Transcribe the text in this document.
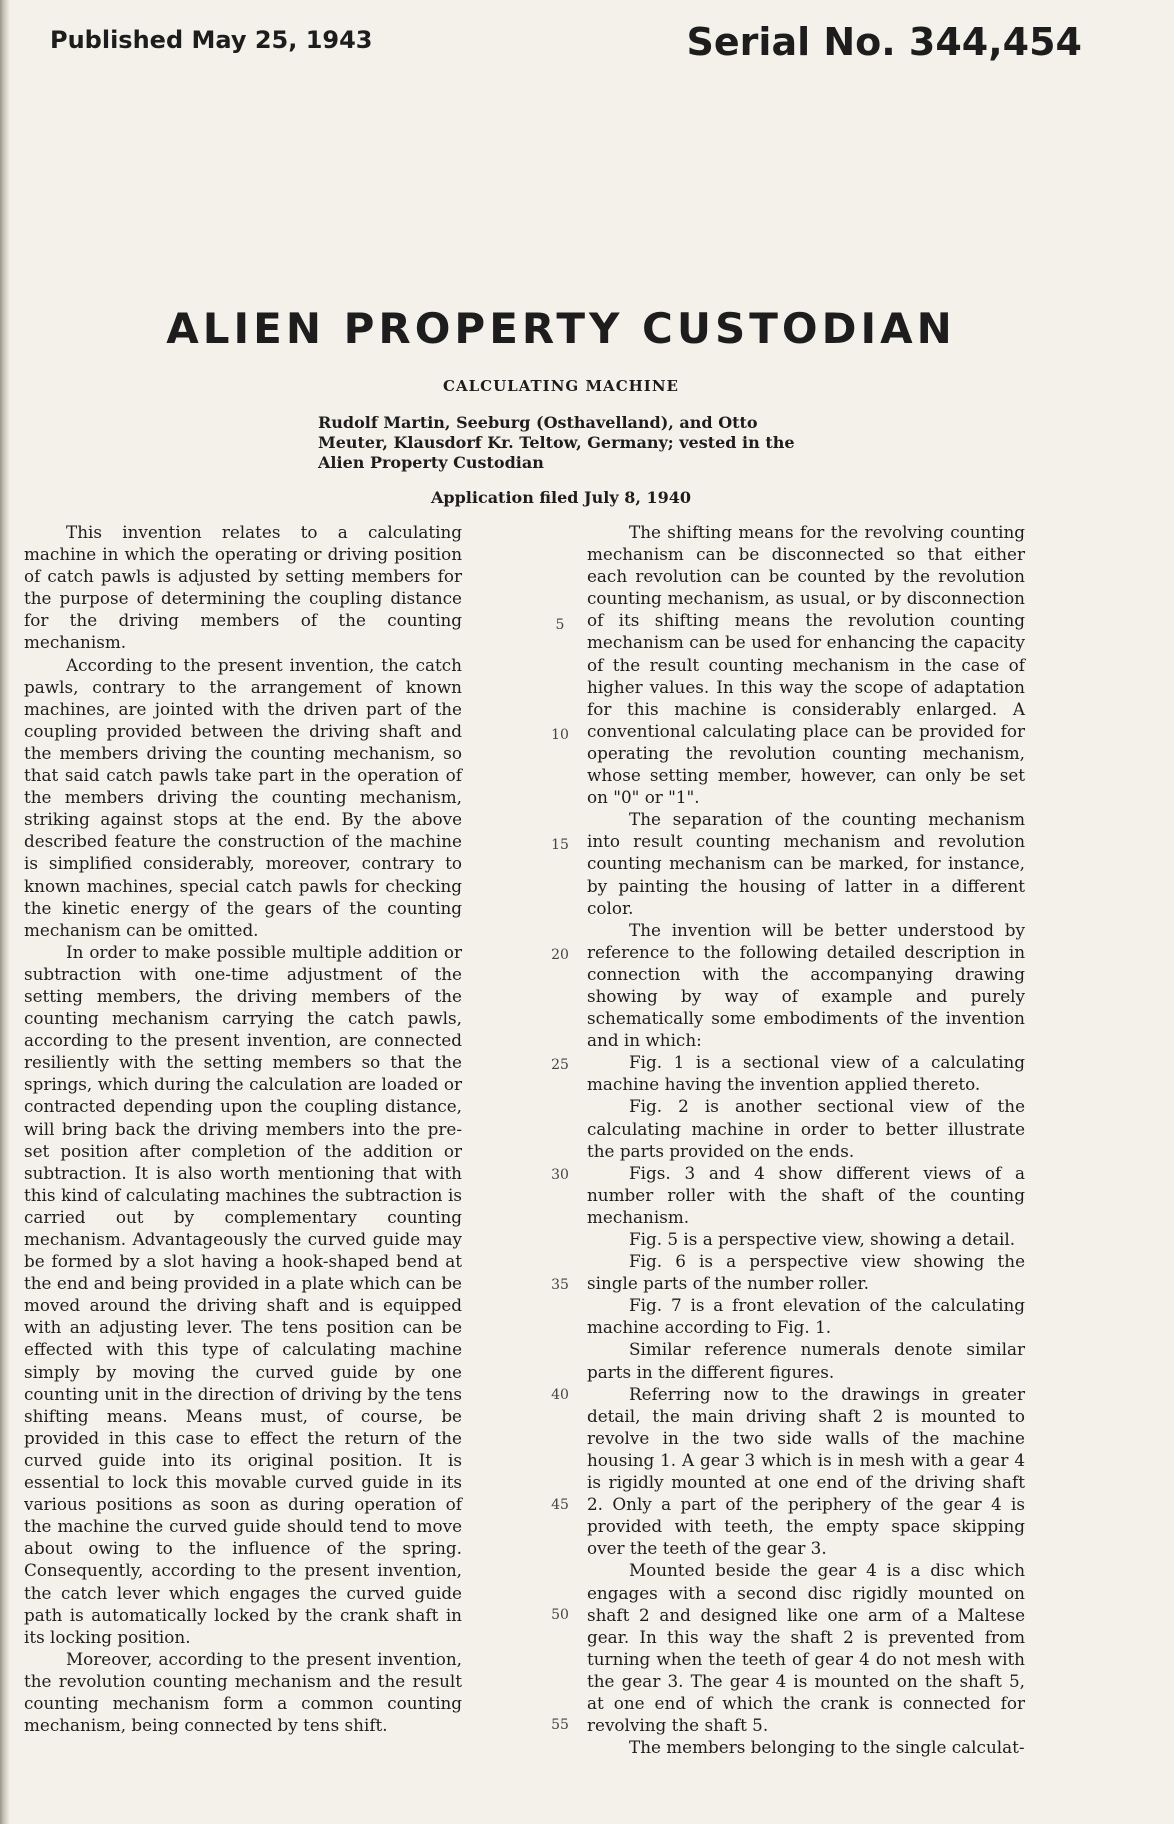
Published May 25, 1943	Serial No. 344,454
ALIEN PROPERTY CUSTODIAN
CALCULATING MACHINE
Rudolf Martin, Seeburg (Osthavelland), and Otto Meuter, Klausdorf Kr. Teltow, Germany; vested in the Alien Property Custodian
Application filed July 8, 1940

This invention relates to a calculating machine in which the operating or driving position of catch pawls is adjusted by setting members for the purpose of determining the coupling distance for the driving members of the counting mechanism.

According to the present invention, the catch pawls, contrary to the arrangement of known machines, are jointed with the driven part of the coupling provided between the driving shaft and the members driving the counting mechanism, so that said catch pawls take part in the operation of the members driving the counting mechanism, striking against stops at the end. By the above described feature the construction of the machine is simplified considerably, moreover, contrary to known machines, special catch pawls for checking the kinetic energy of the gears of the counting mechanism can be omitted.

In order to make possible multiple addition or subtraction with one-time adjustment of the setting members, the driving members of the counting mechanism carrying the catch pawls, according to the present invention, are connected resiliently with the setting members so that the springs, which during the calculation are loaded or contracted depending upon the coupling distance, will bring back the driving members into the pre-set position after completion of the addition or subtraction. It is also worth mentioning that with this kind of calculating machines the subtraction is carried out by complementary counting mechanism. Advantageously the curved guide may be formed by a slot having a hook-shaped bend at the end and being provided in a plate which can be moved around the driving shaft and is equipped with an adjusting lever. The tens position can be effected with this type of calculating machine simply by moving the curved guide by one counting unit in the direction of driving by the tens shifting means. Means must, of course, be provided in this case to effect the return of the curved guide into its original position. It is essential to lock this movable curved guide in its various positions as soon as during operation of the machine the curved guide should tend to move about owing to the influence of the spring. Consequently, according to the present invention, the catch lever which engages the curved guide path is automatically locked by the crank shaft in its locking position.

Moreover, according to the present invention, the revolution counting mechanism and the result counting mechanism form a common counting mechanism, being connected by tens shift.

The shifting means for the revolving counting mechanism can be disconnected so that either each revolution can be counted by the revolution counting mechanism, as usual, or by disconnection of its shifting means the revolution counting mechanism can be used for enhancing the capacity of the result counting mechanism in the case of higher values. In this way the scope of adaptation for this machine is considerably enlarged. A conventional calculating place can be provided for operating the revolution counting mechanism, whose setting member, however, can only be set on "0" or "1".

The separation of the counting mechanism into result counting mechanism and revolution counting mechanism can be marked, for instance, by painting the housing of latter in a different color.

The invention will be better understood by reference to the following detailed description in connection with the accompanying drawing showing by way of example and purely schematically some embodiments of the invention and in which:

Fig. 1 is a sectional view of a calculating machine having the invention applied thereto.

Fig. 2 is another sectional view of the calculating machine in order to better illustrate the parts provided on the ends.

Figs. 3 and 4 show different views of a number roller with the shaft of the counting mechanism.

Fig. 5 is a perspective view, showing a detail.

Fig. 6 is a perspective view showing the single parts of the number roller.

Fig. 7 is a front elevation of the calculating machine according to Fig. 1.

Similar reference numerals denote similar parts in the different figures.

Referring now to the drawings in greater detail, the main driving shaft 2 is mounted to revolve in the two side walls of the machine housing 1. A gear 3 which is in mesh with a gear 4 is rigidly mounted at one end of the driving shaft 2. Only a part of the periphery of the gear 4 is provided with teeth, the empty space skipping over the teeth of the gear 3.

Mounted beside the gear 4 is a disc which engages with a second disc rigidly mounted on shaft 2 and designed like one arm of a Maltese gear. In this way the shaft 2 is prevented from turning when the teeth of gear 4 do not mesh with the gear 3. The gear 4 is mounted on the shaft 5, at one end of which the crank is connected for revolving the shaft 5.

The members belonging to the single calculat-

5
10
15
20
25
30
35
40
45
50
55
